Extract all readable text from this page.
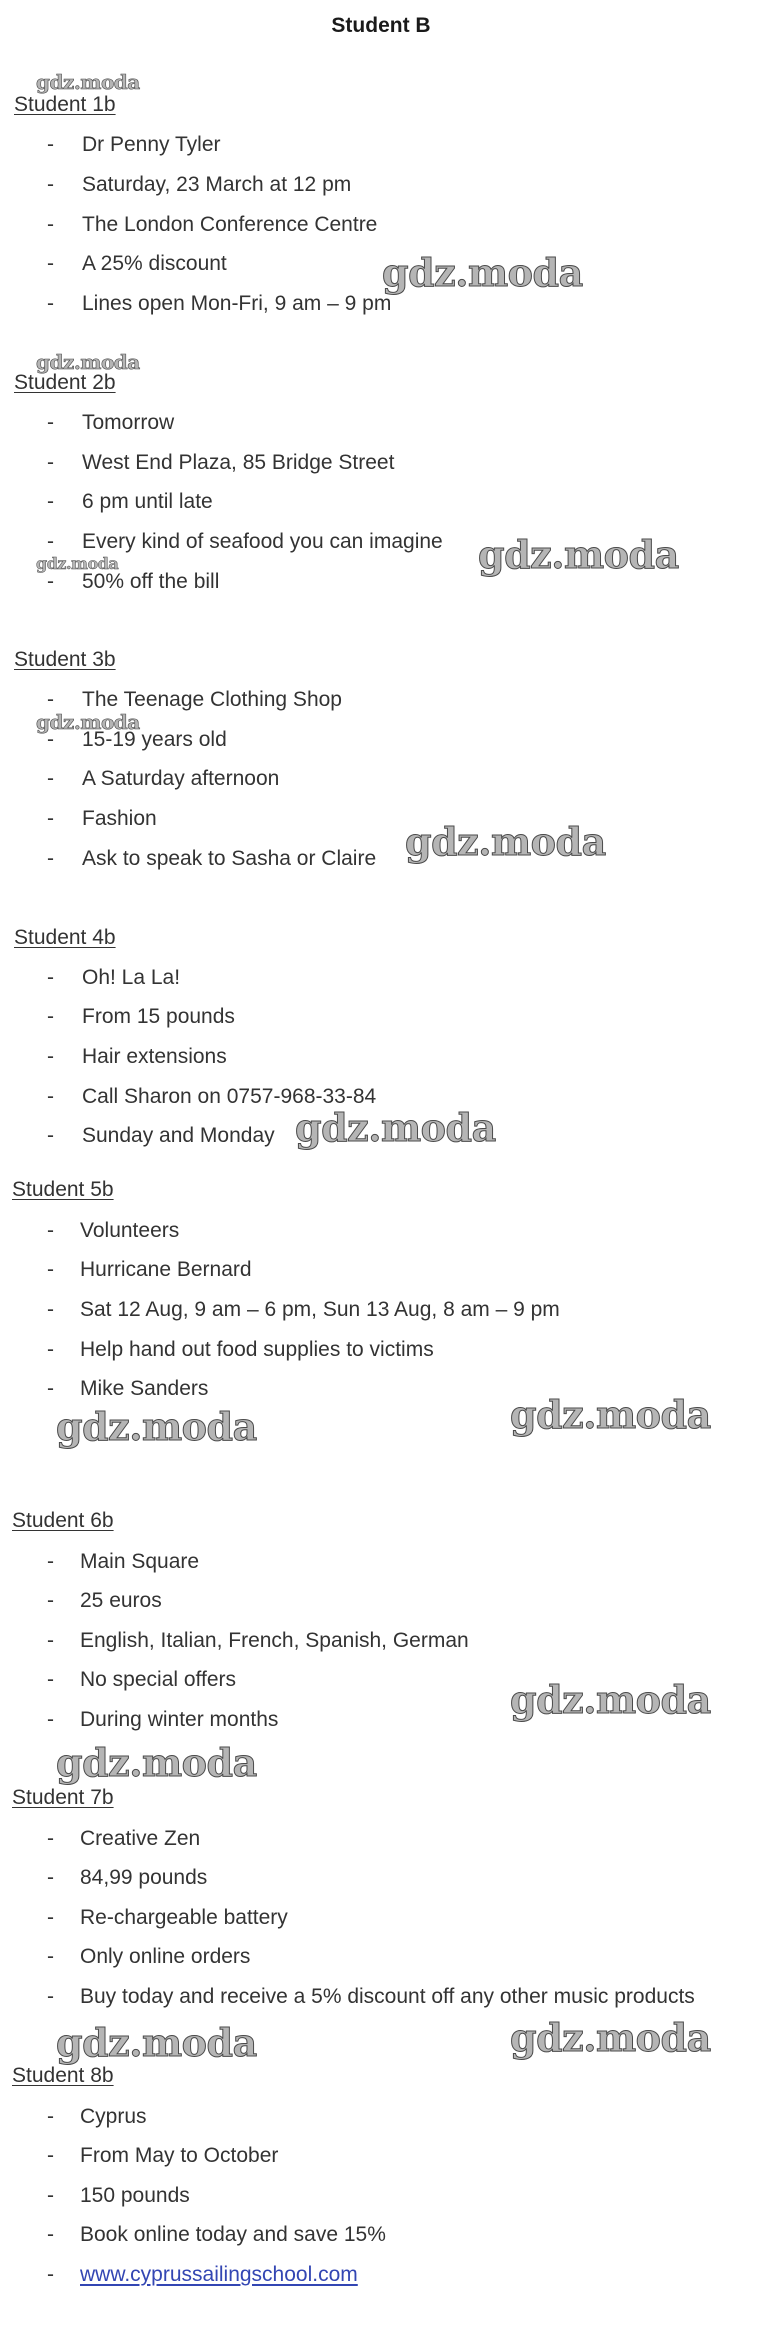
Student B
Student 1b
- Dr Penny Tyler
- Saturday, 23 March at 12 pm
- The London Conference Centre
- A 25% discount
- Lines open Mon-Fri, 9 am – 9 pm
Student 2b
- Tomorrow
- West End Plaza, 85 Bridge Street
- 6 pm until late
- Every kind of seafood you can imagine
- 50% off the bill
Student 3b
- The Teenage Clothing Shop
- 15-19 years old
- A Saturday afternoon
- Fashion
- Ask to speak to Sasha or Claire
Student 4b
- Oh! La La!
- From 15 pounds
- Hair extensions
- Call Sharon on 0757-968-33-84
- Sunday and Monday
Student 5b
- Volunteers
- Hurricane Bernard
- Sat 12 Aug, 9 am – 6 pm, Sun 13 Aug, 8 am – 9 pm
- Help hand out food supplies to victims
- Mike Sanders
Student 6b
- Main Square
- 25 euros
- English, Italian, French, Spanish, German
- No special offers
- During winter months
Student 7b
- Creative Zen
- 84,99 pounds
- Re-chargeable battery
- Only online orders
- Buy today and receive a 5% discount off any other music products
Student 8b
- Cyprus
- From May to October
- 150 pounds
- Book online today and save 15%
- www.cyprussailingschool.com
gdz.moda
gdz.moda
gdz.moda
gdz.moda
gdz.moda
gdz.moda
gdz.moda
gdz.moda
gdz.moda
gdz.moda
gdz.moda
gdz.moda
gdz.moda	gdz.moda
